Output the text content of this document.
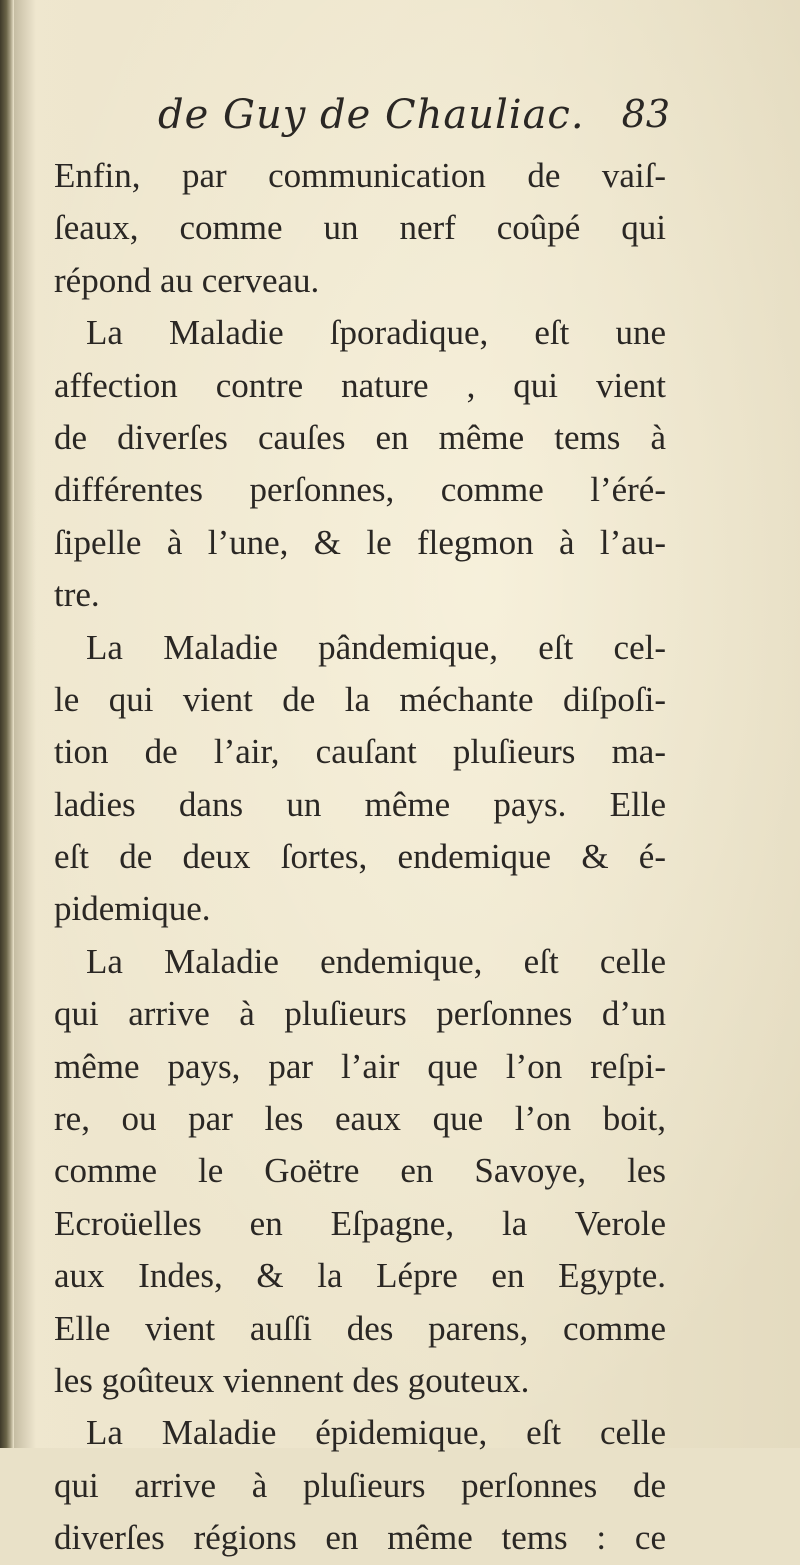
de Guy de Chauliac. 83
Enfin, par communication de vaiſ-
ſeaux, comme un nerf coûpé qui
répond au cerveau.
La Maladie ſporadique, eſt une
affection contre nature , qui vient
de diverſes cauſes en même tems à
différentes perſonnes, comme l’éré-
ſipelle à l’une, & le flegmon à l’au-
tre.
La Maladie pândemique, eſt cel-
le qui vient de la méchante diſpoſi-
tion de l’air, cauſant pluſieurs ma-
ladies dans un même pays. Elle
eſt de deux ſortes, endemique & é-
pidemique.
La Maladie endemique, eſt celle
qui arrive à pluſieurs perſonnes d’un
même pays, par l’air que l’on reſpi-
re, ou par les eaux que l’on boit,
comme le Goëtre en Savoye, les
Ecroüelles en Eſpagne, la Verole
aux Indes, & la Lépre en Egypte.
Elle vient auſſi des parens, comme
les goûteux viennent des gouteux.
La Maladie épidemique, eſt celle
qui arrive à pluſieurs perſonnes de
diverſes régions en même tems : ce
